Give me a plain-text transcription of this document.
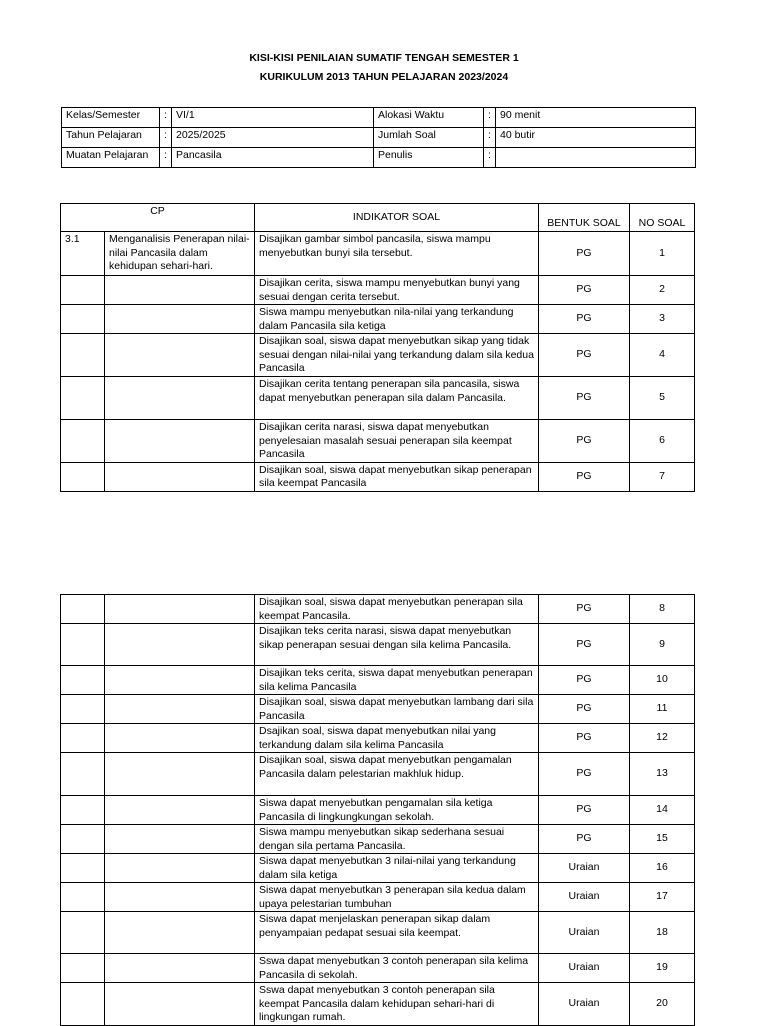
KISI-KISI PENILAIAN SUMATIF TENGAH SEMESTER 1
KURIKULUM 2013 TAHUN PELAJARAN 2023/2024
Kelas/Semester	:	VI/1	Alokasi Waktu	:	90 menit
Tahun Pelajaran	:	2025/2025	Jumlah Soal	:	40 butir
Muatan Pelajaran	:	Pancasila	Penulis	:	
CP		INDIKATOR SOAL	BENTUK SOAL	NO SOAL
3.1	Menganalisis Penerapan nilai-nilai Pancasila dalam kehidupan sehari-hari.	Disajikan gambar simbol pancasila, siswa mampu menyebutkan bunyi sila tersebut.	PG	1
		Disajikan cerita, siswa mampu menyebutkan bunyi yang sesuai dengan cerita tersebut.	PG	2
		Siswa mampu menyebutkan nila-nilai yang terkandung dalam Pancasila sila ketiga	PG	3
		Disajikan soal, siswa dapat menyebutkan sikap yang tidak sesuai dengan nilai-nilai yang terkandung dalam sila kedua Pancasila	PG	4
		Disajikan cerita tentang penerapan sila pancasila, siswa dapat menyebutkan penerapan sila dalam Pancasila.	PG	5
		Disajikan cerita narasi, siswa dapat menyebutkan penyelesaian masalah sesuai penerapan sila keempat Pancasila	PG	6
		Disajikan soal, siswa dapat menyebutkan sikap penerapan sila keempat Pancasila	PG	7
		Disajikan soal, siswa dapat menyebutkan penerapan sila keempat Pancasila.	PG	8
		Disajikan teks cerita narasi, siswa dapat menyebutkan sikap penerapan sesuai dengan sila kelima Pancasila.	PG	9
		Disajikan teks cerita, siswa dapat menyebutkan penerapan sila kelima Pancasila	PG	10
		Disajikan soal, siswa dapat menyebutkan lambang dari sila Pancasila	PG	11
		Dsajikan soal, siswa dapat menyebutkan nilai yang terkandung dalam sila kelima Pancasila	PG	12
		Disajikan soal, siswa dapat menyebutkan pengamalan Pancasila dalam pelestarian makhluk hidup.	PG	13
		Siswa dapat menyebutkan pengamalan sila ketiga Pancasila di lingkungkungan sekolah.	PG	14
		Siswa mampu menyebutkan sikap sederhana sesuai dengan sila pertama Pancasila.	PG	15
		Siswa dapat menyebutkan 3 nilai-nilai yang terkandung dalam sila ketiga	Uraian	16
		Siswa dapat menyebutkan 3 penerapan sila kedua dalam upaya pelestarian tumbuhan	Uraian	17
		Siswa dapat menjelaskan penerapan sikap dalam penyampaian pedapat sesuai sila keempat.	Uraian	18
		Sswa dapat menyebutkan 3 contoh penerapan sila kelima Pancasila di sekolah.	Uraian	19
		Sswa dapat menyebutkan 3 contoh penerapan sila keempat Pancasila dalam kehidupan sehari-hari di lingkungan rumah.	Uraian	20
